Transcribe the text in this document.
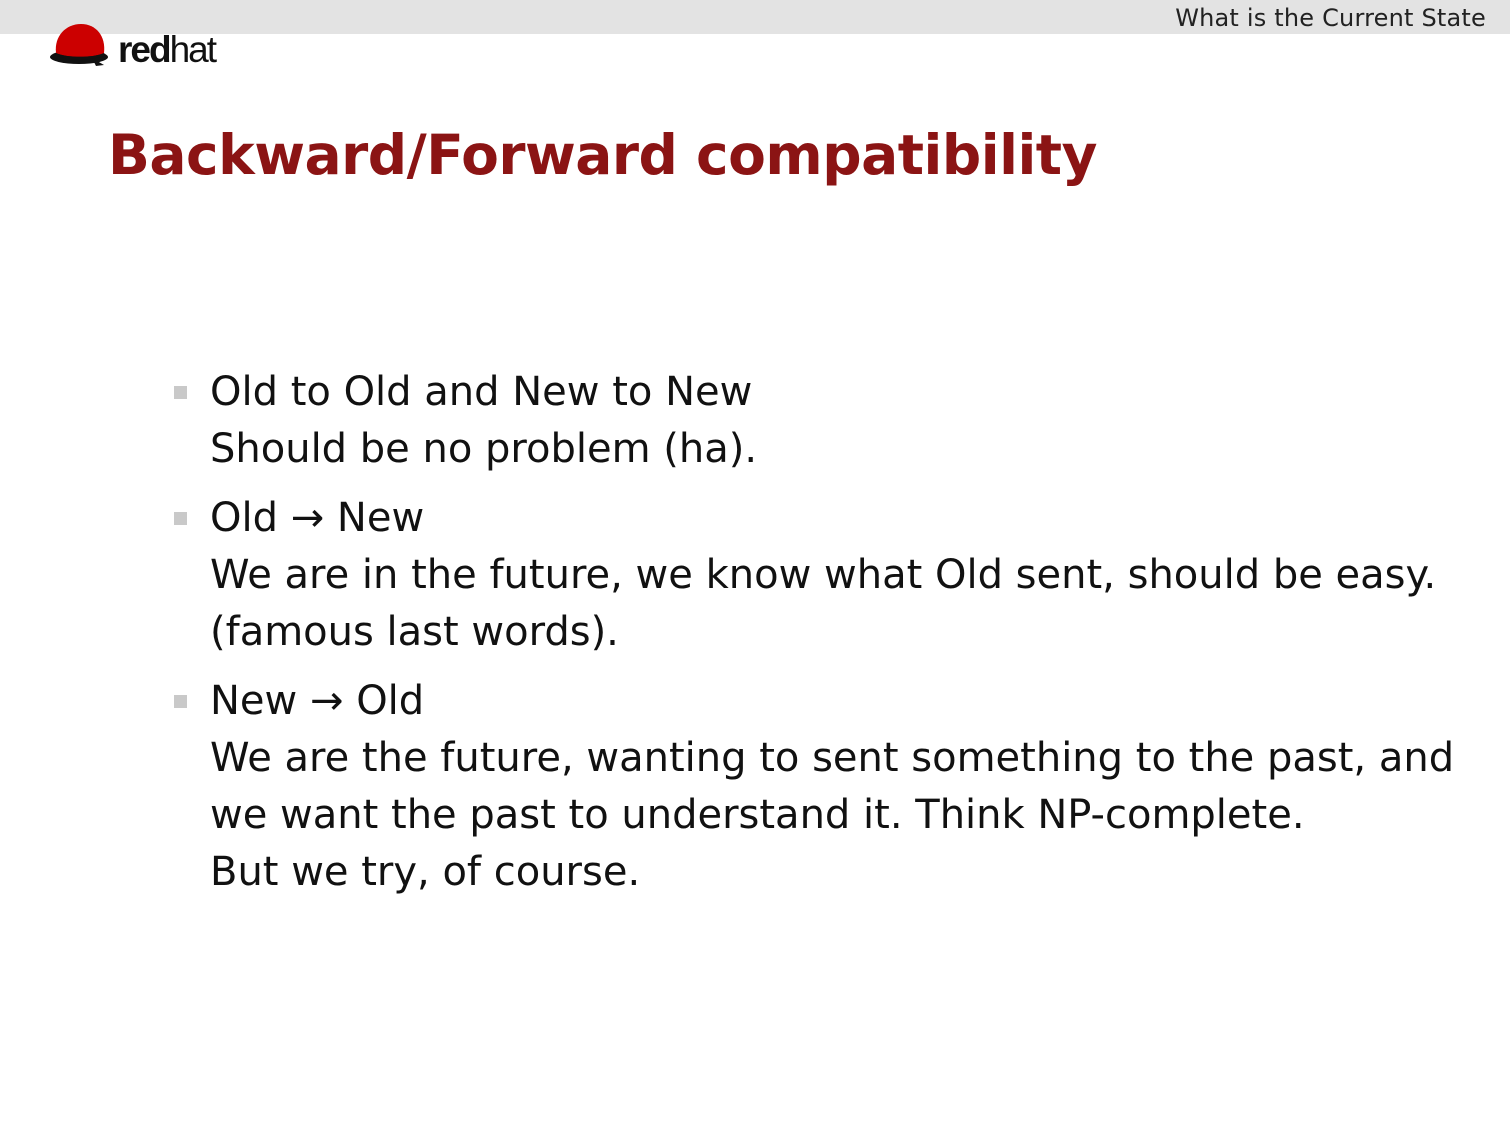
What is the Current State
redhat
Backward/Forward compatibility
Old to Old and New to New
Should be no problem (ha).
Old → New
We are in the future, we know what Old sent, should be easy.
(famous last words).
New → Old
We are the future, wanting to sent something to the past, and
we want the past to understand it. Think NP-complete.
But we try, of course.
